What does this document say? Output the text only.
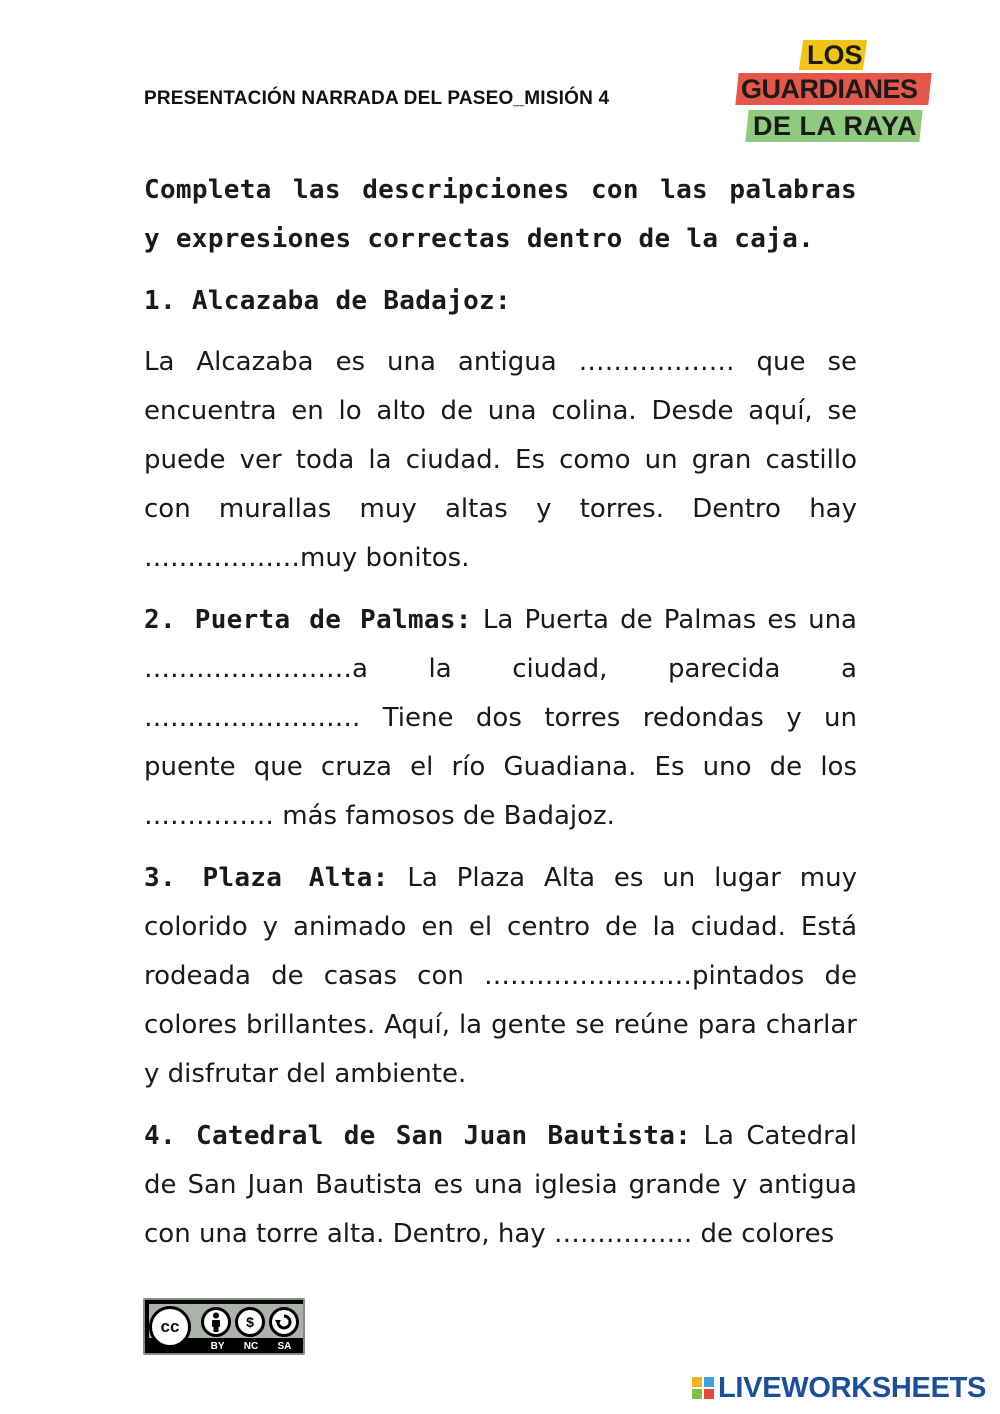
PRESENTACIÓN NARRADA DEL PASEO_MISIÓN 4
LOS
GUARDIANES
DE LA RAYA

Completa las descripciones con las palabras y expresiones correctas dentro de la caja.

1. Alcazaba de Badajoz:

La Alcazaba es una antigua ……………… que se encuentra en lo alto de una colina. Desde aquí, se puede ver toda la ciudad. Es como un gran castillo con murallas muy altas y torres. Dentro hay ………………muy bonitos.

2. Puerta de Palmas: La Puerta de Palmas es una ……………………a la ciudad, parecida a ……………………. Tiene dos torres redondas y un puente que cruza el río Guadiana. Es uno de los …………… más famosos de Badajoz.

3. Plaza Alta: La Plaza Alta es un lugar muy colorido y animado en el centro de la ciudad. Está rodeada de casas con ……………………pintados de colores brillantes. Aquí, la gente se reúne para charlar y disfrutar del ambiente.

4. Catedral de San Juan Bautista: La Catedral de San Juan Bautista es una iglesia grande y antigua con una torre alta. Dentro, hay ……………. de colores

$
cc
BY NC SA
LIVEWORKSHEETS
